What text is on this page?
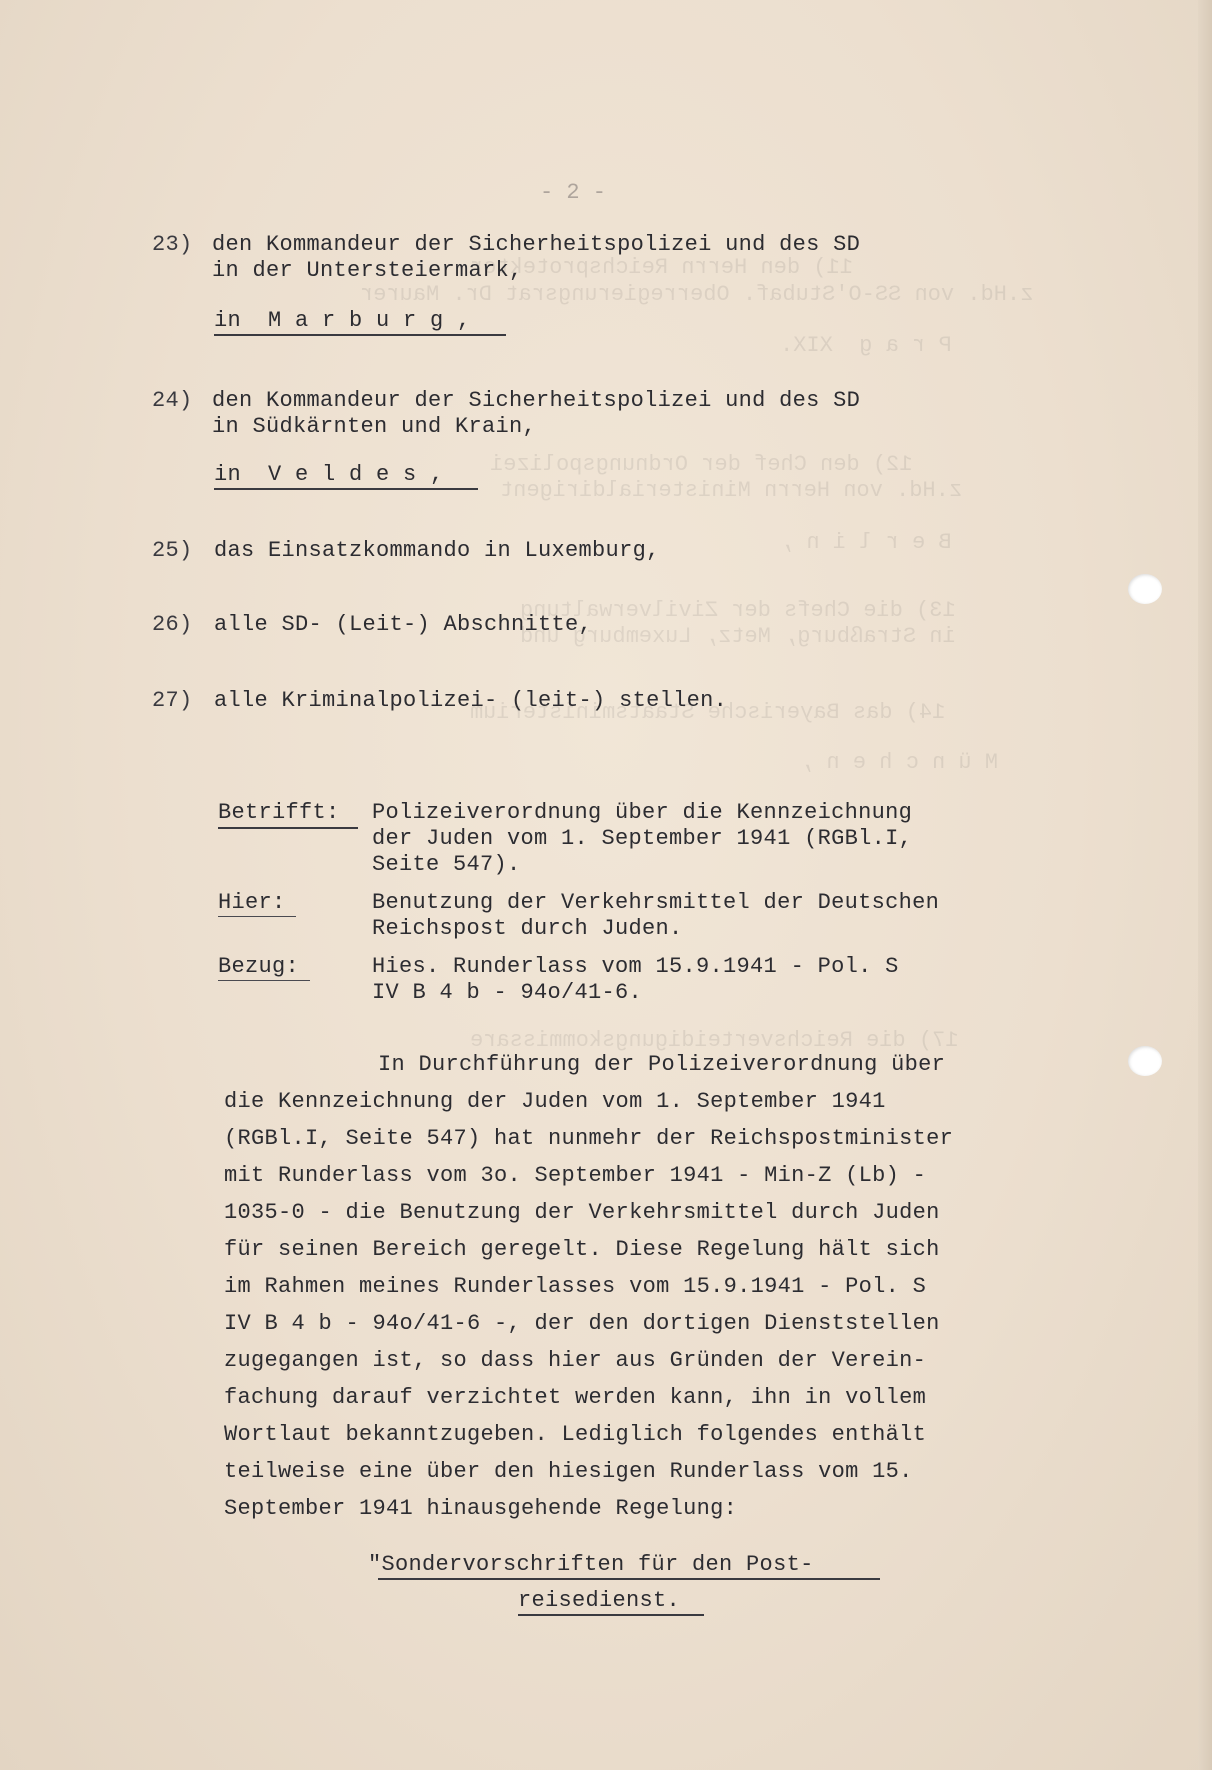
11) den Herrn Reichsprotektor
z.Hd. von SS-O'Stubaf. Oberregierungsrat Dr. Maurer
P r a g  XIX.
12) den Chef der Ordnungspolizei
z.Hd. von Herrn Ministerialdirigent
B e r l i n ,
13) die Chefs der Zivilverwaltung
in Straßburg, Metz, Luxemburg und
14) das Bayerische Staatsministerium
M ü n c h e n ,
17) die Reichsverteidigungskommissare
- 2 -
23) den Kommandeur der Sicherheitspolizei und des SD
in der Untersteiermark,
in  M a r b u r g ,
24) den Kommandeur der Sicherheitspolizei und des SD
in Südkärnten und Krain,
in  V e l d e s ,
25) das Einsatzkommando in Luxemburg,
26) alle SD- (Leit-) Abschnitte,
27) alle Kriminalpolizei- (leit-) stellen.
Betrifft: Polizeiverordnung über die Kennzeichnung
der Juden vom 1. September 1941 (RGBl.I,
Seite 547).
Hier:	Benutzung der Verkehrsmittel der Deutschen
Reichspost durch Juden.
Bezug:	Hies. Runderlass vom 15.9.1941 - Pol. S
IV B 4 b - 94o/41-6.
In Durchführung der Polizeiverordnung über
die Kennzeichnung der Juden vom 1. September 1941
(RGBl.I, Seite 547) hat nunmehr der Reichspostminister
mit Runderlass vom 3o. September 1941 - Min-Z (Lb) -
1035-0 - die Benutzung der Verkehrsmittel durch Juden
für seinen Bereich geregelt. Diese Regelung hält sich
im Rahmen meines Runderlasses vom 15.9.1941 - Pol. S
IV B 4 b - 94o/41-6 -, der den dortigen Dienststellen
zugegangen ist, so dass hier aus Gründen der Verein-
fachung darauf verzichtet werden kann, ihn in vollem
Wortlaut bekanntzugeben. Lediglich folgendes enthält
teilweise eine über den hiesigen Runderlass vom 15.
September 1941 hinausgehende Regelung:
"Sondervorschriften für den Post-
reisedienst.
